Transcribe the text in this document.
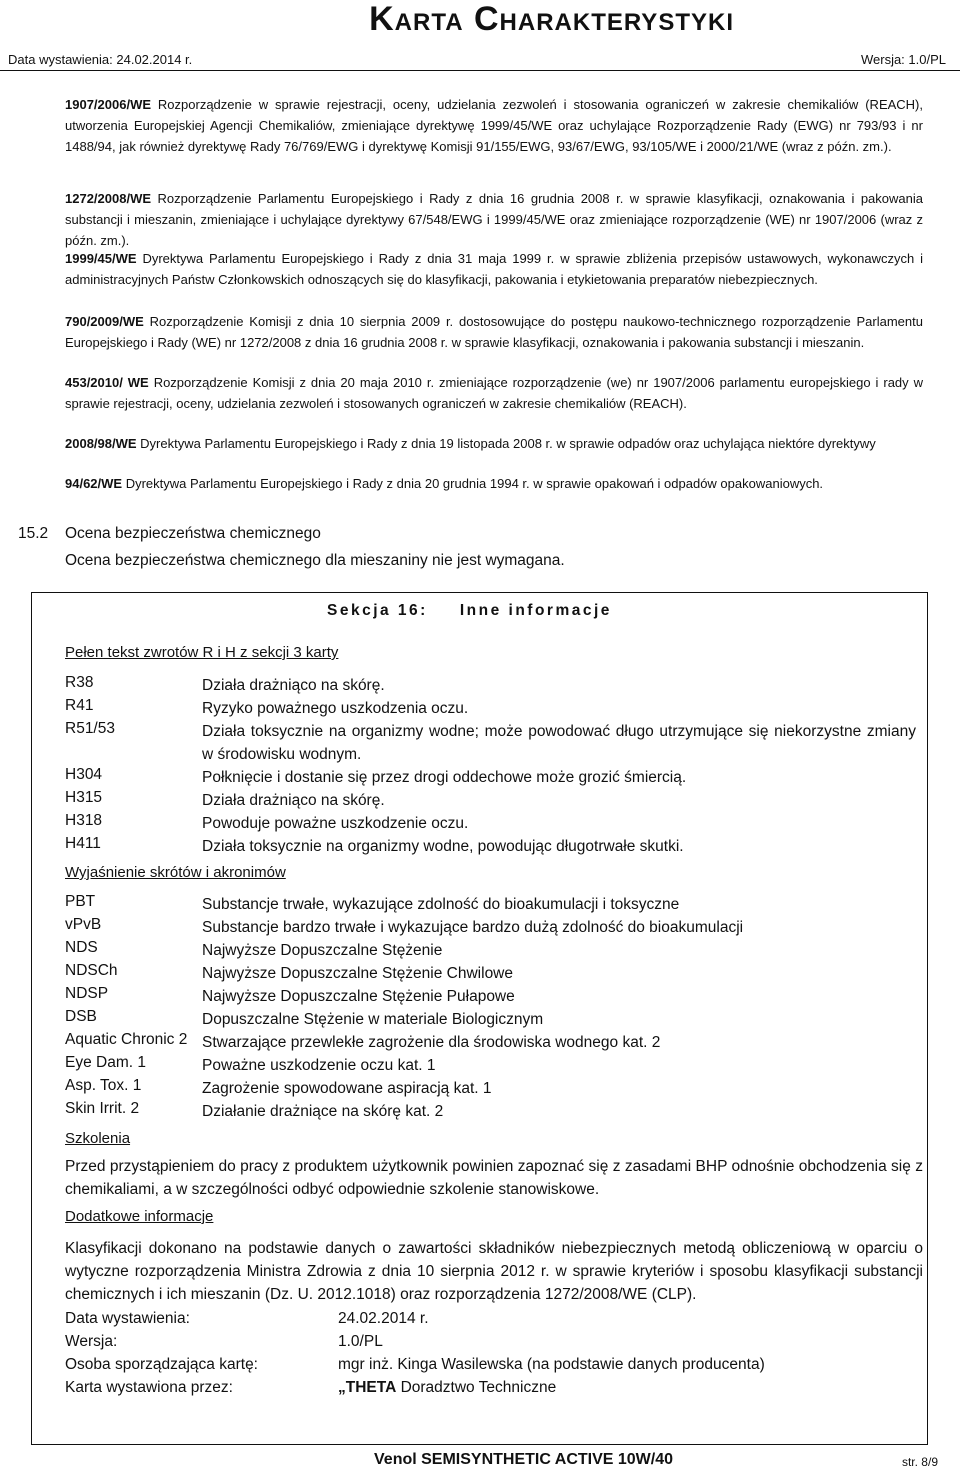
Karta Charakterystyki
Data wystawienia: 24.02.2014 r.	Wersja: 1.0/PL

1907/2006/WE Rozporządzenie w sprawie rejestracji, oceny, udzielania zezwoleń i stosowania ograniczeń w zakresie chemikaliów (REACH), utworzenia Europejskiej Agencji Chemikaliów, zmieniające dyrektywę 1999/45/WE oraz uchylające Rozporządzenie Rady (EWG) nr 793/93 i nr 1488/94, jak również dyrektywę Rady 76/769/EWG i dyrektywę Komisji 91/155/EWG, 93/67/EWG, 93/105/WE i 2000/21/WE (wraz z późn. zm.).

1272/2008/WE Rozporządzenie Parlamentu Europejskiego i Rady z dnia 16 grudnia 2008 r. w sprawie klasyfikacji, oznakowania i pakowania substancji i mieszanin, zmieniające i uchylające dyrektywy 67/548/EWG i 1999/45/WE oraz zmieniające rozporządzenie (WE) nr 1907/2006 (wraz z późn. zm.).

1999/45/WE Dyrektywa Parlamentu Europejskiego i Rady z dnia 31 maja 1999 r. w sprawie zbliżenia przepisów ustawowych, wykonawczych i administracyjnych Państw Członkowskich odnoszących się do klasyfikacji, pakowania i etykietowania preparatów niebezpiecznych.

790/2009/WE Rozporządzenie Komisji z dnia 10 sierpnia 2009 r. dostosowujące do postępu naukowo-technicznego rozporządzenie Parlamentu Europejskiego i Rady (WE) nr 1272/2008 z dnia 16 grudnia 2008 r. w sprawie klasyfikacji, oznakowania i pakowania substancji i mieszanin.

453/2010/ WE Rozporządzenie Komisji z dnia 20 maja 2010 r. zmieniające rozporządzenie (we) nr 1907/2006 parlamentu europejskiego i rady w sprawie rejestracji, oceny, udzielania zezwoleń i stosowanych ograniczeń w zakresie chemikaliów (REACH).

2008/98/WE Dyrektywa Parlamentu Europejskiego i Rady z dnia 19 listopada 2008 r. w sprawie odpadów oraz uchylająca niektóre dyrektywy

94/62/WE Dyrektywa Parlamentu Europejskiego i Rady z dnia 20 grudnia 1994 r. w sprawie opakowań i odpadów opakowaniowych.

15.2 Ocena bezpieczeństwa chemicznego
Ocena bezpieczeństwa chemicznego dla mieszaniny nie jest wymagana.
Sekcja 16: Inne informacje
Pełen tekst zwrotów R i H z sekcji 3 karty
R38	Działa drażniąco na skórę.
R41	Ryzyko poważnego uszkodzenia oczu.
R51/53	Działa toksycznie na organizmy wodne; może powodować długo utrzymujące się niekorzystne zmiany w środowisku wodnym.
H304	Połknięcie i dostanie się przez drogi oddechowe może grozić śmiercią.
H315	Działa drażniąco na skórę.
H318	Powoduje poważne uszkodzenie oczu.
H411	Działa toksycznie na organizmy wodne, powodując długotrwałe skutki.
Wyjaśnienie skrótów i akronimów
PBT	Substancje trwałe, wykazujące zdolność do bioakumulacji i toksyczne
vPvB	Substancje bardzo trwałe i wykazujące bardzo dużą zdolność do bioakumulacji
NDS	Najwyższe Dopuszczalne Stężenie
NDSCh	Najwyższe Dopuszczalne Stężenie Chwilowe
NDSP	Najwyższe Dopuszczalne Stężenie Pułapowe
DSB	Dopuszczalne Stężenie w materiale Biologicznym
Aquatic Chronic 2 Stwarzające przewlekłe zagrożenie dla środowiska wodnego kat. 2
Eye Dam. 1	Poważne uszkodzenie oczu kat. 1
Asp. Tox. 1	Zagrożenie spowodowane aspiracją kat. 1
Skin Irrit. 2	Działanie drażniące na skórę kat. 2
Szkolenia

Przed przystąpieniem do pracy z produktem użytkownik powinien zapoznać się z zasadami BHP odnośnie obchodzenia się z chemikaliami, a w szczególności odbyć odpowiednie szkolenie stanowiskowe.

Dodatkowe informacje

Klasyfikacji dokonano na podstawie danych o zawartości składników niebezpiecznych metodą obliczeniową w oparciu o wytyczne rozporządzenia Ministra Zdrowia z dnia 10 sierpnia 2012 r. w sprawie kryteriów i sposobu klasyfikacji substancji chemicznych i ich mieszanin (Dz. U. 2012.1018) oraz rozporządzenia 1272/2008/WE (CLP).

Data wystawienia:	24.02.2014 r.
Wersja:	1.0/PL
Osoba sporządzająca kartę:	mgr inż. Kinga Wasilewska (na podstawie danych producenta)
Karta wystawiona przez:	„THETA Doradztwo Techniczne
Venol SEMISYNTHETIC ACTIVE 10W/40	str. 8/9
